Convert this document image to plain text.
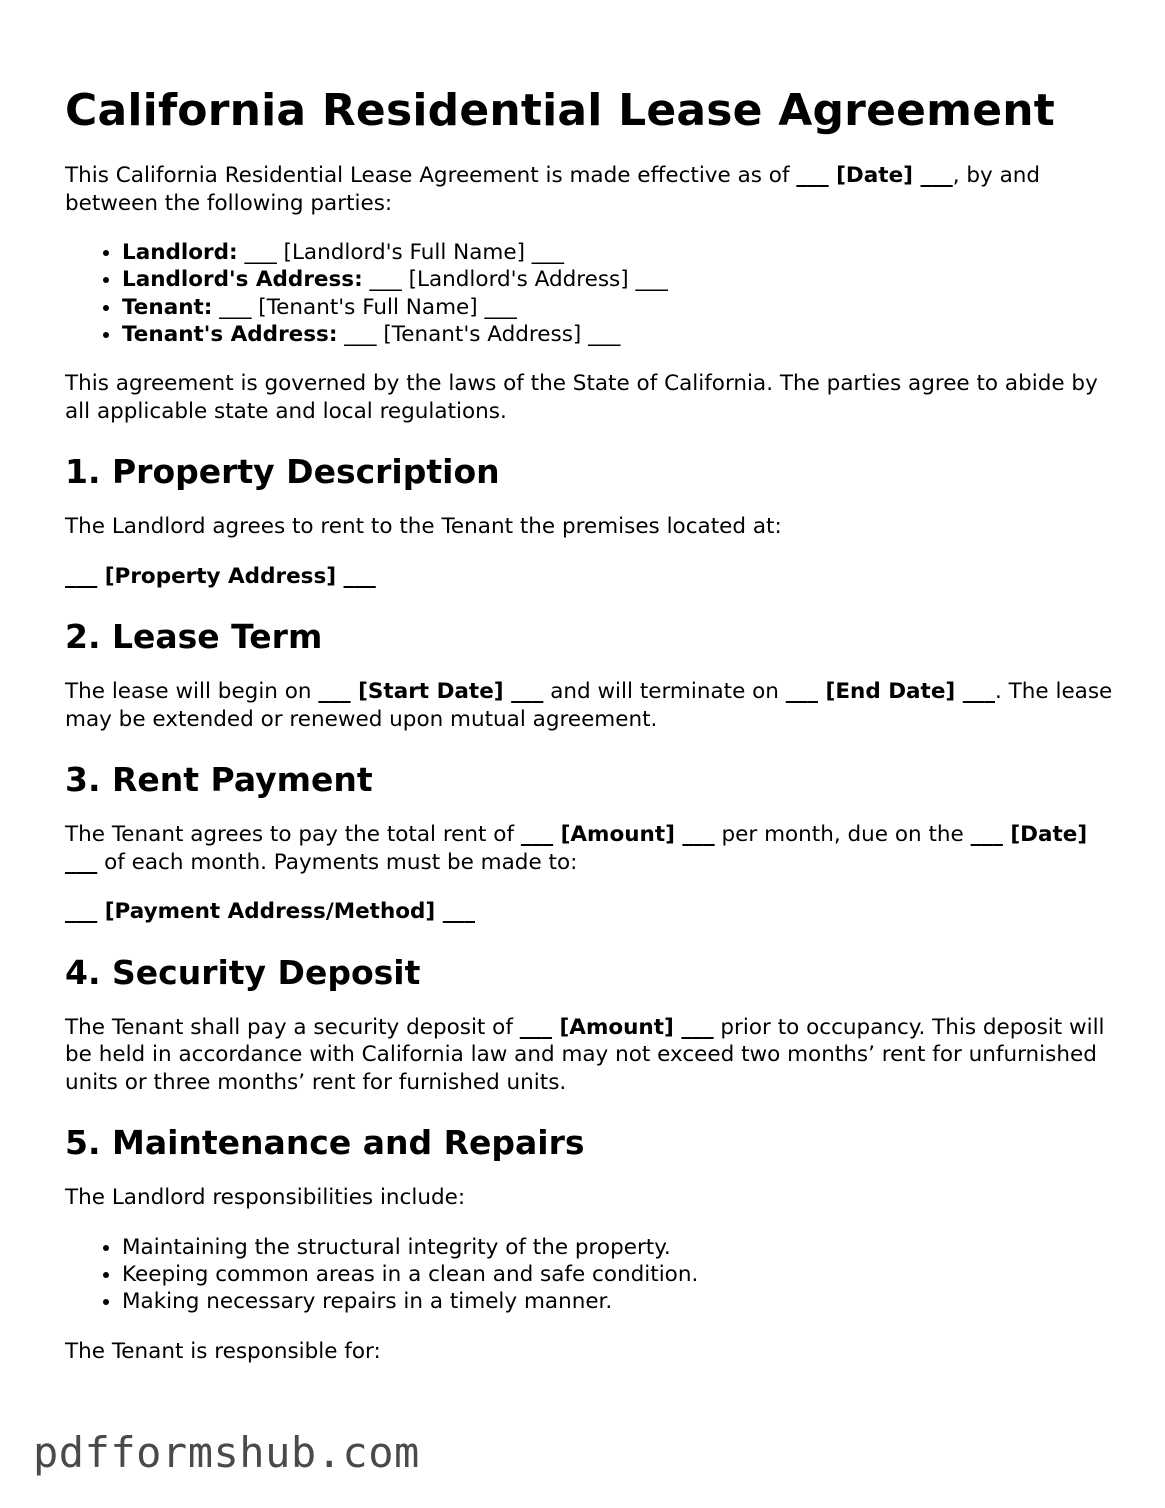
California Residential Lease Agreement

This California Residential Lease Agreement is made effective as of ___ [Date] ___, by and between the following parties:

• Landlord: ___ [Landlord's Full Name] ___
• Landlord's Address: ___ [Landlord's Address] ___
• Tenant: ___ [Tenant's Full Name] ___
• Tenant's Address: ___ [Tenant's Address] ___

This agreement is governed by the laws of the State of California. The parties agree to abide by all applicable state and local regulations.

1. Property Description

The Landlord agrees to rent to the Tenant the premises located at:

___ [Property Address] ___

2. Lease Term

The lease will begin on ___ [Start Date] ___ and will terminate on ___ [End Date] ___. The lease may be extended or renewed upon mutual agreement.

3. Rent Payment

The Tenant agrees to pay the total rent of ___ [Amount] ___ per month, due on the ___ [Date] ___ of each month. Payments must be made to:

___ [Payment Address/Method] ___

4. Security Deposit

The Tenant shall pay a security deposit of ___ [Amount] ___ prior to occupancy. This deposit will be held in accordance with California law and may not exceed two months’ rent for unfurnished units or three months’ rent for furnished units.

5. Maintenance and Repairs

The Landlord responsibilities include:

• Maintaining the structural integrity of the property.
• Keeping common areas in a clean and safe condition.
• Making necessary repairs in a timely manner.

The Tenant is responsible for:

pdfformshub.com
